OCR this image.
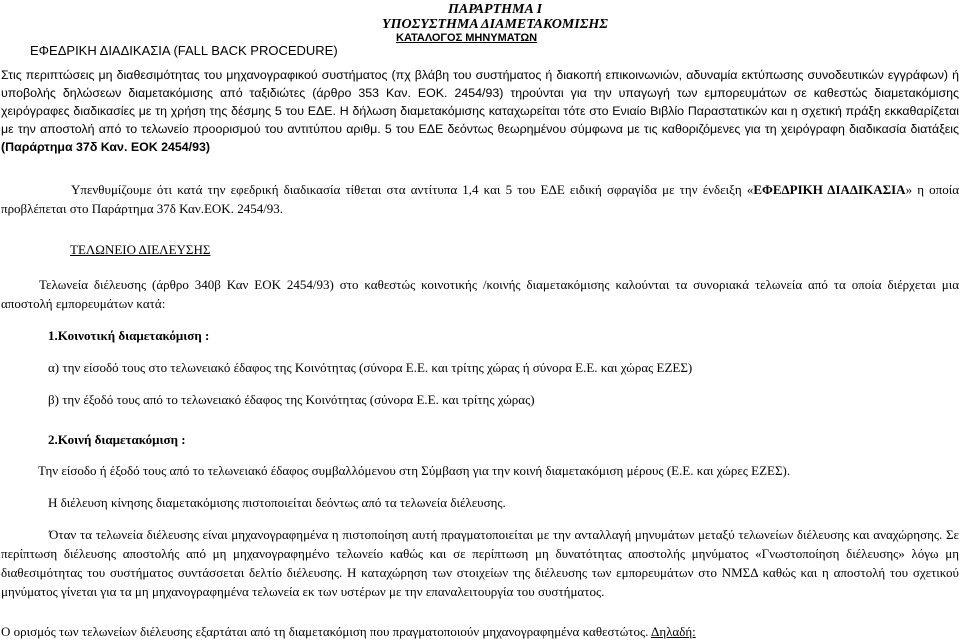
ΠΑΡΑΡΤΗΜΑ Ι
ΥΠΟΣΥΣΤΗΜΑ ΔΙΑΜΕΤΑΚΟΜΙΣΗΣ
ΚΑΤΑΛΟΓΟΣ ΜΗΝΥΜΑΤΩΝ
ΕΦΕΔΡΙΚΗ ΔΙΑΔΙΚΑΣΙΑ (FALL BACK PROCEDURE)

Στις περιπτώσεις μη διαθεσιμότητας του μηχανογραφικού συστήματος (πχ βλάβη του συστήματος ή διακοπή επικοινωνιών, αδυναμία εκτύπωσης συνοδευτικών εγγράφων) ή υποβολής δηλώσεων διαμετακόμισης από ταξιδιώτες (άρθρο 353 Καν. ΕΟΚ. 2454/93) τηρούνται για την υπαγωγή των εμπορευμάτων σε καθεστώς διαμετακόμισης χειρόγραφες διαδικασίες με τη χρήση της δέσμης 5 του ΕΔΕ. Η δήλωση διαμετακόμισης καταχωρείται τότε στο Ενιαίο Βιβλίο Παραστατικών και η σχετική πράξη εκκαθαρίζεται με την αποστολή από το τελωνείο προορισμού του αντιτύπου αριθμ. 5 του ΕΔΕ δεόντως θεωρημένου σύμφωνα με τις καθοριζόμενες για τη χειρόγραφη διαδικασία διατάξεις (Παράρτημα 37δ Καν. ΕΟΚ 2454/93)

Υπενθυμίζουμε ότι κατά την εφεδρική διαδικασία τίθεται στα αντίτυπα 1,4 και 5 του ΕΔΕ ειδική σφραγίδα με την ένδειξη «ΕΦΕΔΡΙΚΗ ΔΙΑΔΙΚΑΣΙΑ» η οποία προβλέπεται στο Παράρτημα 37δ Καν.ΕΟΚ. 2454/93.

ΤΕΛΩΝΕΙΟ ΔΙΕΛΕΥΣΗΣ

Τελωνεία διέλευσης (άρθρο 340β Καν ΕΟΚ 2454/93) στο καθεστώς κοινοτικής /κοινής διαμετακόμισης καλούνται τα συνοριακά τελωνεία από τα οποία διέρχεται μια αποστολή εμπορευμάτων κατά:

1.Κοινοτική διαμετακόμιση :

α) την είσοδό τους στο τελωνειακό έδαφος της Κοινότητας (σύνορα Ε.Ε. και τρίτης χώρας ή σύνορα Ε.Ε. και χώρας ΕΖΕΣ)

β) την έξοδό τους από το τελωνειακό έδαφος της Κοινότητας (σύνορα Ε.Ε. και τρίτης χώρας)

2.Κοινή διαμετακόμιση :

Την είσοδο ή έξοδό τους από το τελωνειακό έδαφος συμβαλλόμενου στη Σύμβαση για την κοινή διαμετακόμιση μέρους (Ε.Ε. και χώρες ΕΖΕΣ).

Η διέλευση κίνησης διαμετακόμισης πιστοποιείται δεόντως από τα τελωνεία διέλευσης.

Όταν τα τελωνεία διέλευσης είναι μηχανογραφημένα η πιστοποίηση αυτή πραγματοποιείται με την ανταλλαγή μηνυμάτων μεταξύ τελωνείων διέλευσης και αναχώρησης. Σε περίπτωση διέλευσης αποστολής από μη μηχανογραφημένο τελωνείο καθώς και σε περίπτωση μη δυνατότητας αποστολής μηνύματος «Γνωστοποίηση διέλευσης» λόγω μη διαθεσιμότητας του συστήματος συντάσσεται δελτίο διέλευσης. Η καταχώρηση των στοιχείων της διέλευσης των εμπορευμάτων στο ΝΜΣΔ καθώς και η αποστολή του σχετικού μηνύματος γίνεται για τα μη μηχανογραφημένα τελωνεία εκ των υστέρων με την επαναλειτουργία του συστήματος.

Ο ορισμός των τελωνείων διέλευσης εξαρτάται από τη διαμετακόμιση που πραγματοποιούν μηχανογραφημένα καθεστώτος. Δηλαδή:
